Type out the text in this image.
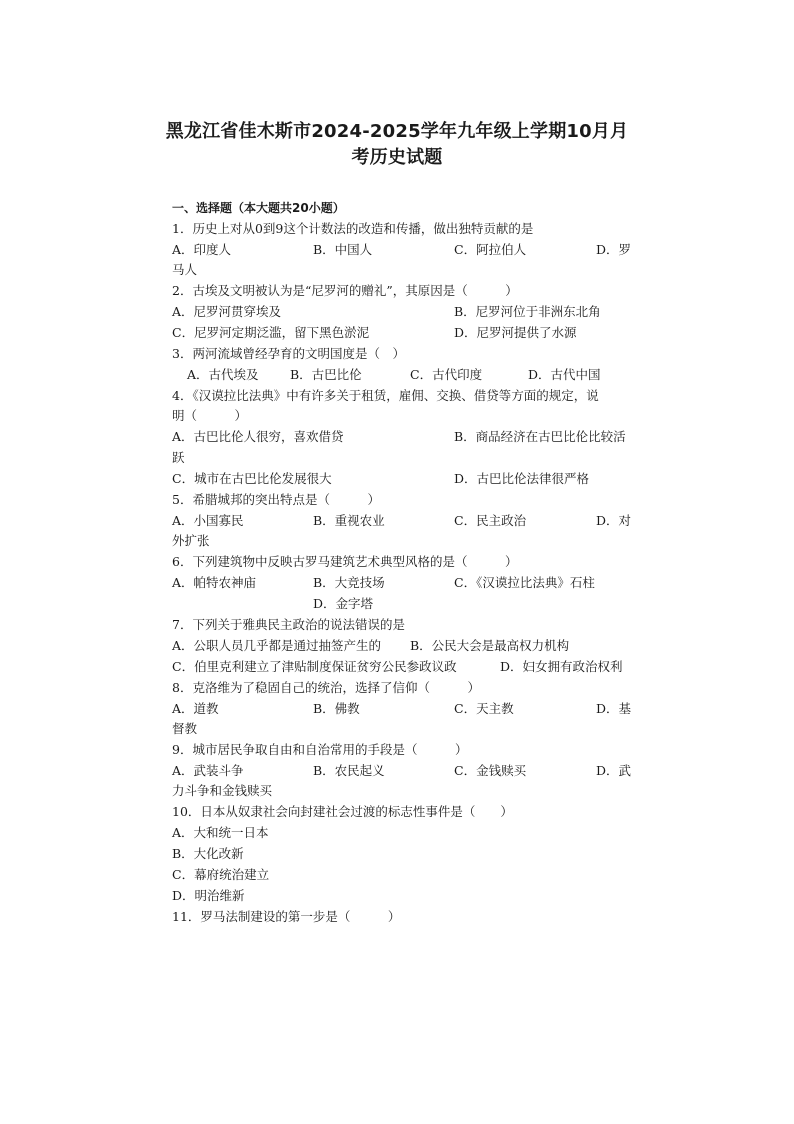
黑龙江省佳木斯市2024-2025学年九年级上学期10月月
考历史试题
一、选择题（本大题共20小题）
1．历史上对从0到9这个计数法的改造和传播，做出独特贡献的是
A．印度人	B．中国人	C．阿拉伯人	D．罗
马人
2．古埃及文明被认为是“尼罗河的赠礼”，其原因是（　　　）
A．尼罗河贯穿埃及	B．尼罗河位于非洲东北角
C．尼罗河定期泛滥，留下黑色淤泥	D．尼罗河提供了水源
3．两河流域曾经孕育的文明国度是（　）
A．古代埃及	B．古巴比伦	C．古代印度	D．古代中国
4．《汉谟拉比法典》中有许多关于租赁，雇佣、交换、借贷等方面的规定，说
明（　　　）
A．古巴比伦人很穷，喜欢借贷	B．商品经济在古巴比伦比较活
跃
C．城市在古巴比伦发展很大	D．古巴比伦法律很严格
5．希腊城邦的突出特点是（　　　）
A．小国寡民	B．重视农业	C．民主政治	D．对
外扩张
6．下列建筑物中反映古罗马建筑艺术典型风格的是（　　　）
A．帕特农神庙	B．大竞技场	C．《汉谟拉比法典》石柱
D．金字塔
7．下列关于雅典民主政治的说法错误的是
A．公职人员几乎都是通过抽签产生的 B．公民大会是最高权力机构
C．伯里克利建立了津贴制度保证贫穷公民参政议政	D．妇女拥有政治权利
8．克洛维为了稳固自己的统治，选择了信仰（　　　）
A．道教	B．佛教	C．天主教	D．基
督教
9．城市居民争取自由和自治常用的手段是（　　　）
A．武装斗争	B．农民起义	C．金钱赎买	D．武
力斗争和金钱赎买
10．日本从奴隶社会向封建社会过渡的标志性事件是（　　）
A．大和统一日本
B．大化改新
C．幕府统治建立
D．明治维新
11．罗马法制建设的第一步是（　　　）
